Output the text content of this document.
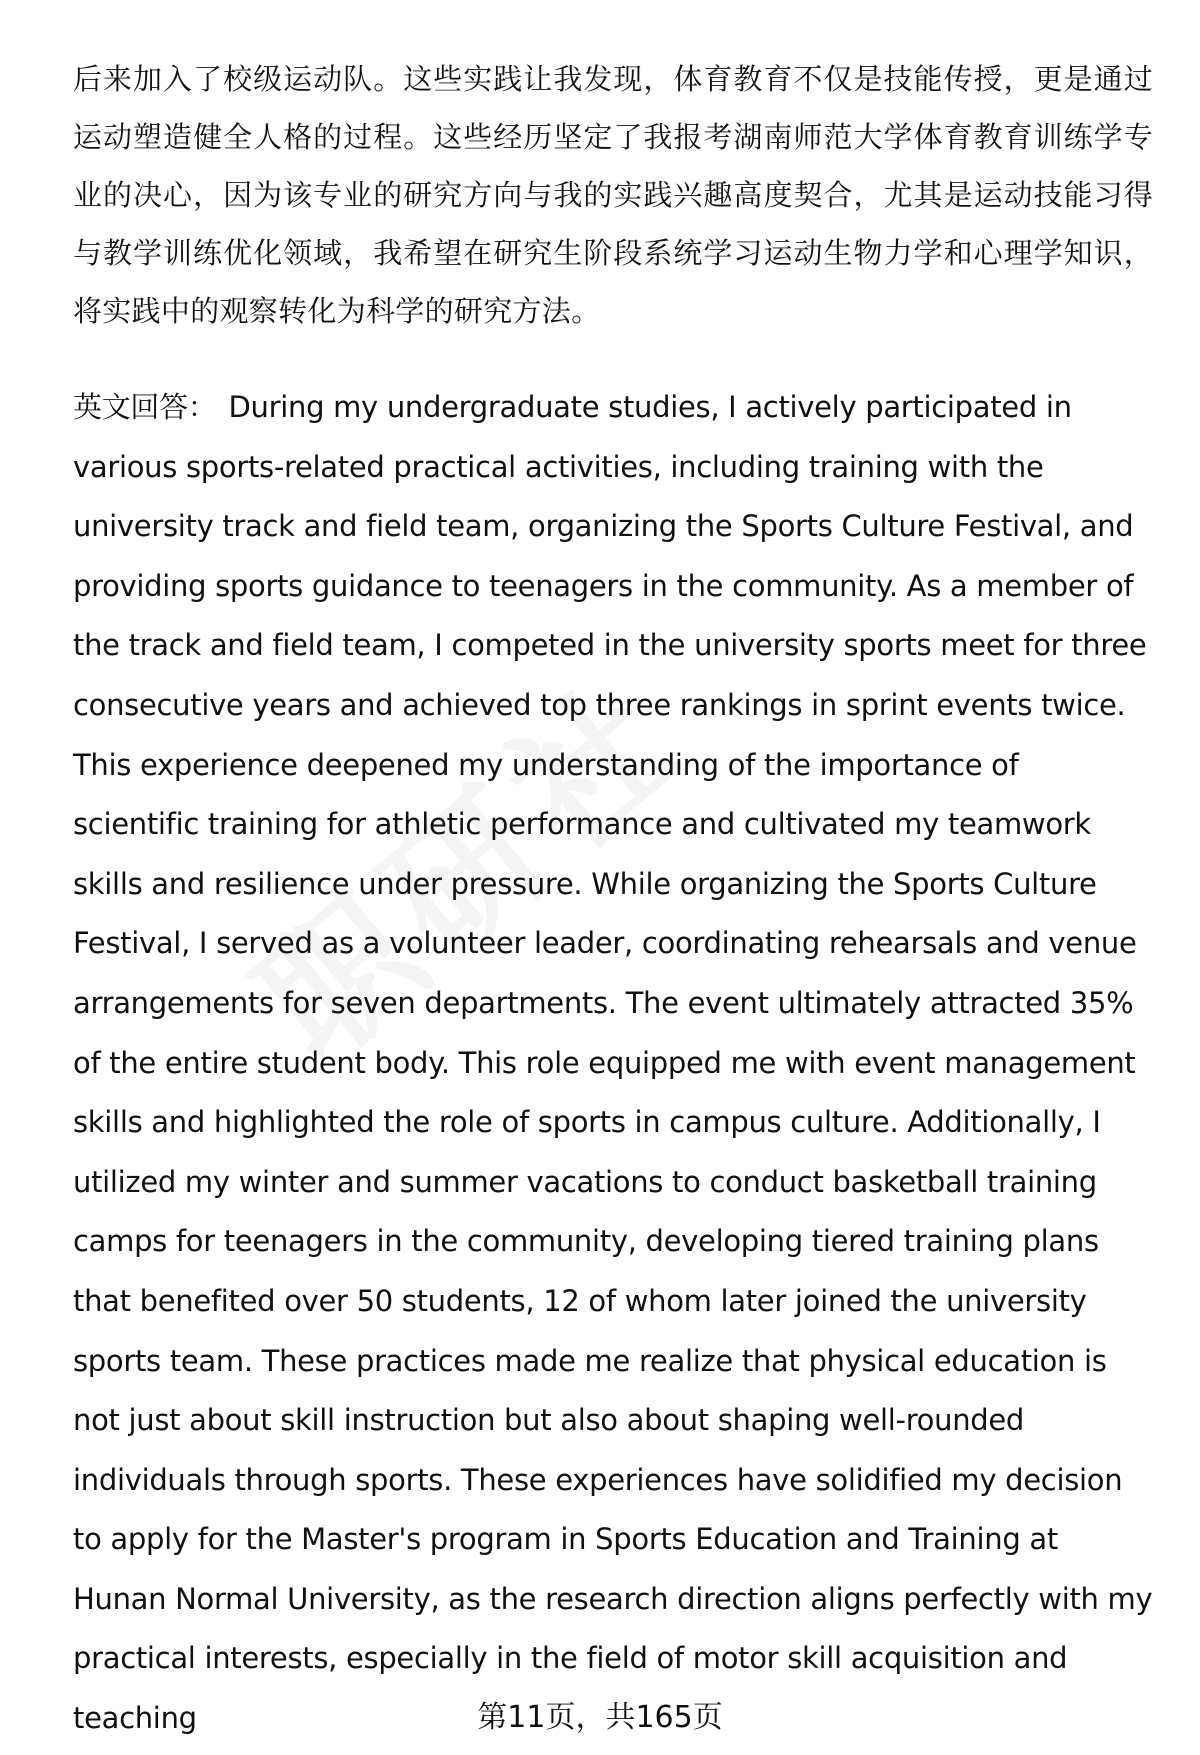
后来加入了校级运动队。这些实践让我发现，体育教育不仅是技能传授，更是通过运动塑造健全人格的过程。这些经历坚定了我报考湖南师范大学体育教育训练学专业的决心，因为该专业的研究方向与我的实践兴趣高度契合，尤其是运动技能习得与教学训练优化领域，我希望在研究生阶段系统学习运动生物力学和心理学知识，将实践中的观察转化为科学的研究方法。

英文回答： During my undergraduate studies, I actively participated in various sports-related practical activities, including training with the university track and field team, organizing the Sports Culture Festival, and providing sports guidance to teenagers in the community. As a member of the track and field team, I competed in the university sports meet for three consecutive years and achieved top three rankings in sprint events twice. This experience deepened my understanding of the importance of scientific training for athletic performance and cultivated my teamwork skills and resilience under pressure. While organizing the Sports Culture Festival, I served as a volunteer leader, coordinating rehearsals and venue arrangements for seven departments. The event ultimately attracted 35% of the entire student body. This role equipped me with event management skills and highlighted the role of sports in campus culture. Additionally, I utilized my winter and summer vacations to conduct basketball training camps for teenagers in the community, developing tiered training plans that benefited over 50 students, 12 of whom later joined the university sports team. These practices made me realize that physical education is not just about skill instruction but also about shaping well-rounded individuals through sports. These experiences have solidified my decision to apply for the Master's program in Sports Education and Training at Hunan Normal University, as the research direction aligns perfectly with my practical interests, especially in the field of motor skill acquisition and teaching	第11页，共165页
